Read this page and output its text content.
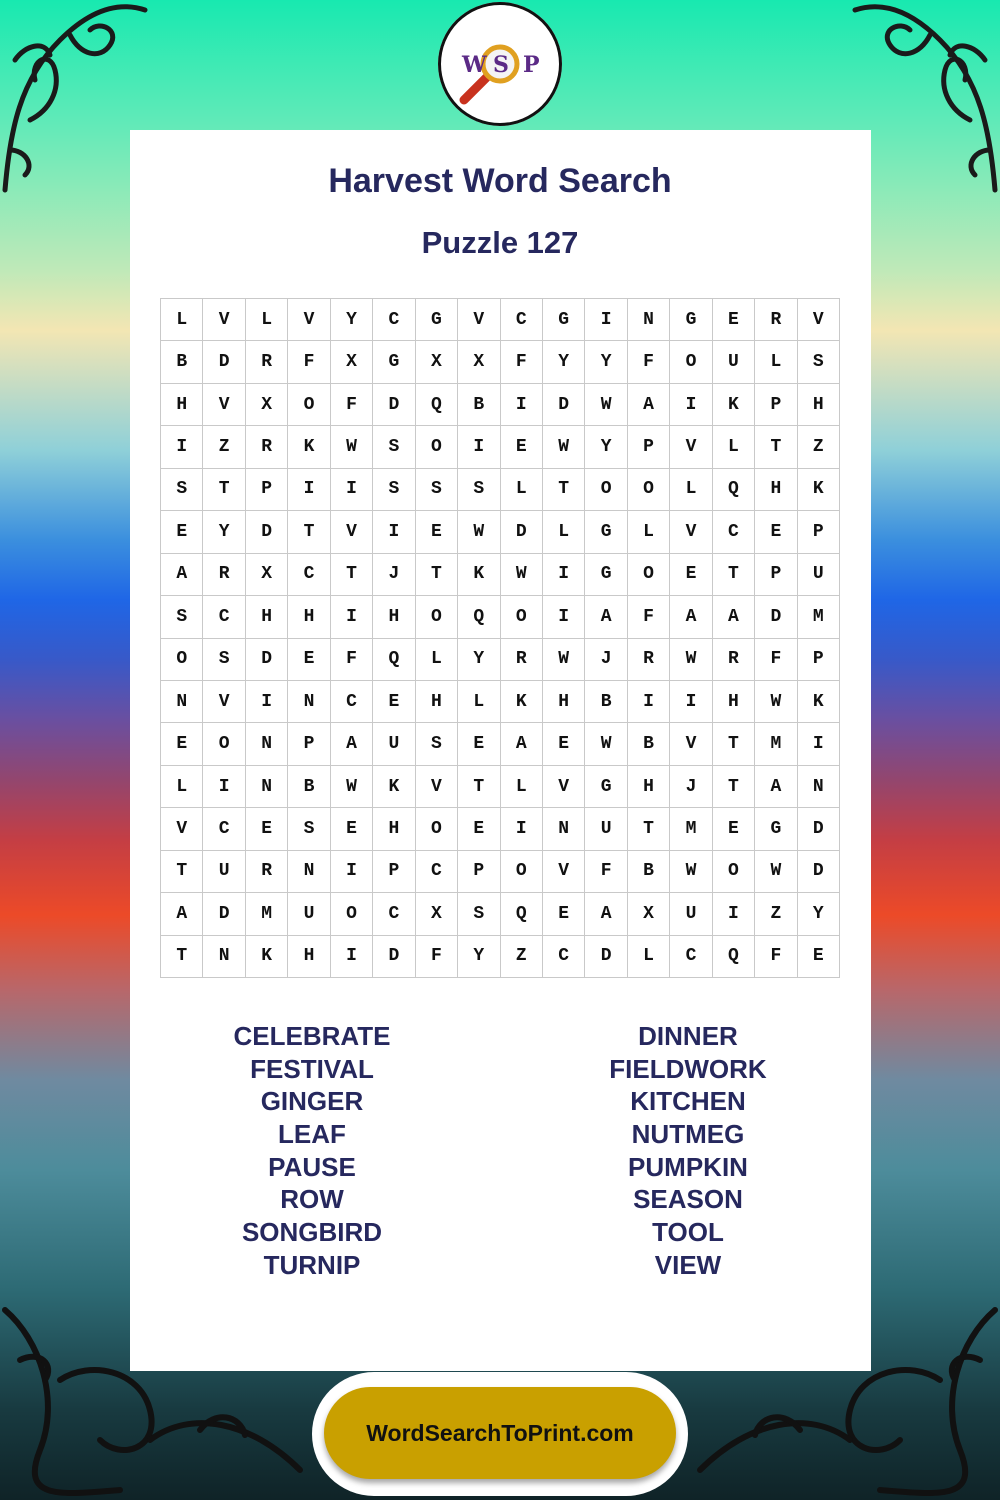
W S P
Harvest Word Search
Puzzle 127
L	V	L	V	Y	C	G	V	C	G	I	N	G	E	R	V
B	D	R	F	X	G	X	X	F	Y	Y	F	O	U	L	S
H	V	X	O	F	D	Q	B	I	D	W	A	I	K	P	H
I	Z	R	K	W	S	O	I	E	W	Y	P	V	L	T	Z
S	T	P	I	I	S	S	S	L	T	O	O	L	Q	H	K
E	Y	D	T	V	I	E	W	D	L	G	L	V	C	E	P
A	R	X	C	T	J	T	K	W	I	G	O	E	T	P	U
S	C	H	H	I	H	O	Q	O	I	A	F	A	A	D	M
O	S	D	E	F	Q	L	Y	R	W	J	R	W	R	F	P
N	V	I	N	C	E	H	L	K	H	B	I	I	H	W	K
E	O	N	P	A	U	S	E	A	E	W	B	V	T	M	I
L	I	N	B	W	K	V	T	L	V	G	H	J	T	A	N
V	C	E	S	E	H	O	E	I	N	U	T	M	E	G	D
T	U	R	N	I	P	C	P	O	V	F	B	W	O	W	D
A	D	M	U	O	C	X	S	Q	E	A	X	U	I	Z	Y
T	N	K	H	I	D	F	Y	Z	C	D	L	C	Q	F	E
CELEBRATE
FESTIVAL
GINGER
LEAF
PAUSE
ROW
SONGBIRD
TURNIP
DINNER
FIELDWORK
KITCHEN
NUTMEG
PUMPKIN
SEASON
TOOL
VIEW
WordSearchToPrint.com
